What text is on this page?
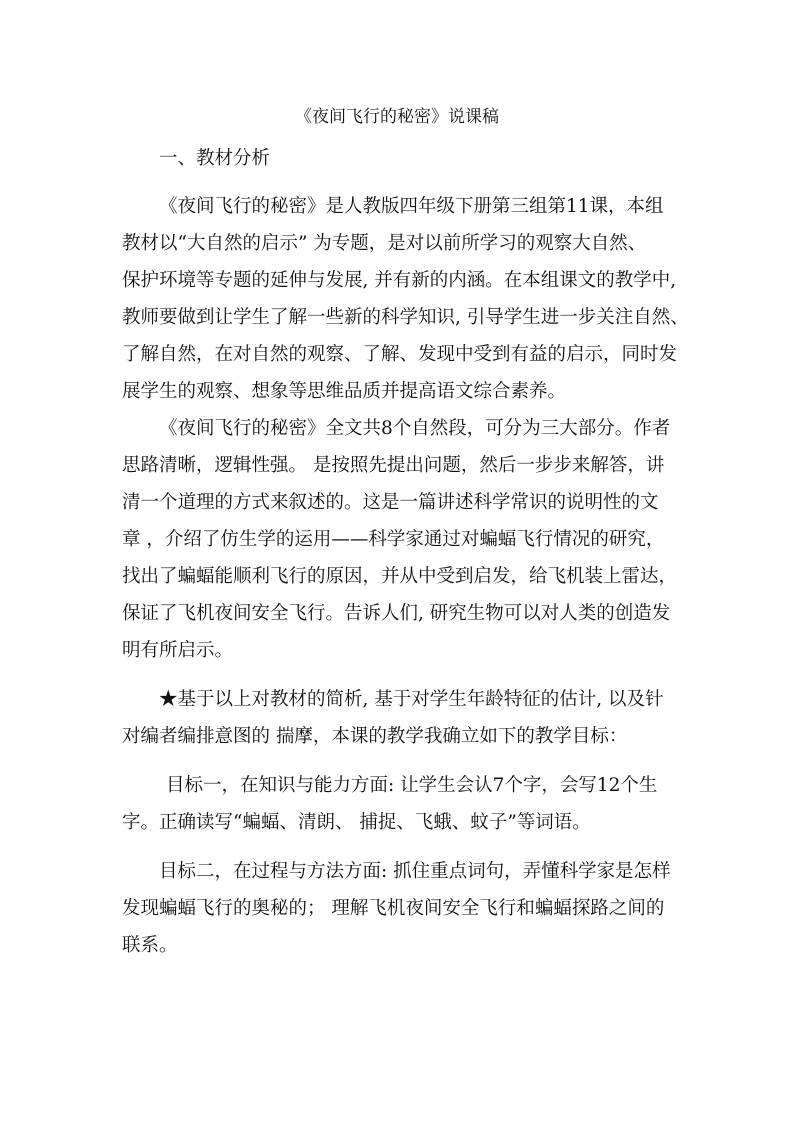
《夜间飞行的秘密》说课稿

一、教材分析

《夜间飞行的秘密》是人教版四年级下册第三组第11课，本组
教材以“大自然的启示” 为专题，是对以前所学习的观察大自然、
保护环境等专题的延伸与发展, 并有新的内涵。在本组课文的教学中,
教师要做到让学生了解一些新的科学知识, 引导学生进一步关注自然、
了解自然，在对自然的观察、了解、发现中受到有益的启示，同时发
展学生的观察、想象等思维品质并提高语文综合素养。

《夜间飞行的秘密》全文共8个自然段，可分为三大部分。作者
思路清晰，逻辑性强。 是按照先提出问题，然后一步步来解答，讲
清一个道理的方式来叙述的。这是一篇讲述科学常识的说明性的文
章 ，介绍了仿生学的运用——科学家通过对蝙蝠飞行情况的研究，
找出了蝙蝠能顺利飞行的原因，并从中受到启发，给飞机装上雷达，
保证了飞机夜间安全飞行。告诉人们, 研究生物可以对人类的创造发
明有所启示。

★基于以上对教材的简析, 基于对学生年龄特征的估计, 以及针
对编者编排意图的 揣摩，本课的教学我确立如下的教学目标：

目标一，在知识与能力方面: 让学生会认7个字，会写12个生
字。正确读写“蝙蝠、清朗、 捕捉、飞蛾、蚊子”等词语。

目标二，在过程与方法方面: 抓住重点词句，弄懂科学家是怎样
发现蝙蝠飞行的奥秘的； 理解飞机夜间安全飞行和蝙蝠探路之间的
联系。
